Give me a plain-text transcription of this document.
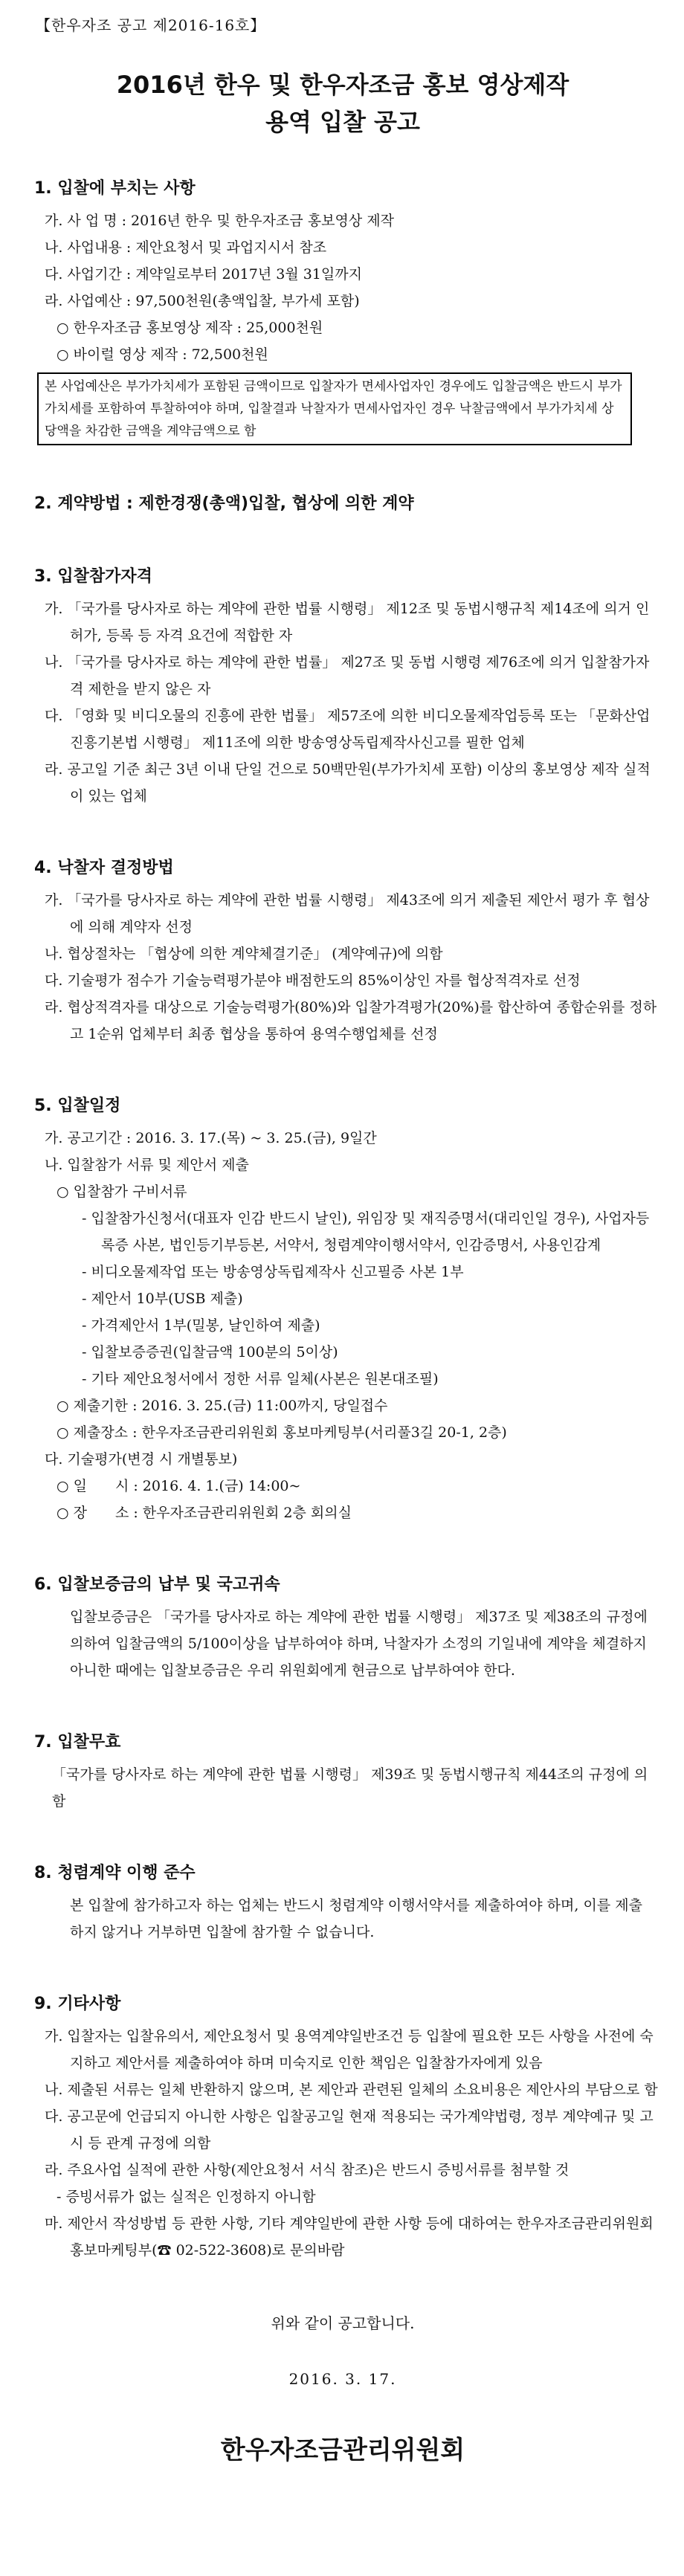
【한우자조 공고 제2016-16호】
2016년 한우 및 한우자조금 홍보 영상제작
용역 입찰 공고
1. 입찰에 부치는 사항
가. 사 업 명 : 2016년 한우 및 한우자조금 홍보영상 제작
나. 사업내용 : 제안요청서 및 과업지시서 참조
다. 사업기간 : 계약일로부터 2017년 3월 31일까지
라. 사업예산 : 97,500천원(총액입찰, 부가세 포함)
○ 한우자조금 홍보영상 제작 : 25,000천원
○ 바이럴 영상 제작 : 72,500천원
본 사업예산은 부가가치세가 포함된 금액이므로 입찰자가 면세사업자인 경우에도 입찰금액은 반드시 부가가치세를 포함하여 투찰하여야 하며, 입찰결과 낙찰자가 면세사업자인 경우 낙찰금액에서 부가가치세 상당액을 차감한 금액을 계약금액으로 함
2. 계약방법 : 제한경쟁(총액)입찰, 협상에 의한 계약
3. 입찰참가자격
가. 「국가를 당사자로 하는 계약에 관한 법률 시행령」 제12조 및 동법시행규칙 제14조에 의거 인 허가, 등록 등 자격 요건에 적합한 자
나. 「국가를 당사자로 하는 계약에 관한 법률」 제27조 및 동법 시행령 제76조에 의거 입찰참가자격 제한을 받지 않은 자
다. 「영화 및 비디오물의 진흥에 관한 법률」 제57조에 의한 비디오물제작업등록 또는 「문화산업진흥기본법 시행령」 제11조에 의한 방송영상독립제작사신고를 필한 업체
라. 공고일 기준 최근 3년 이내 단일 건으로 50백만원(부가가치세 포함) 이상의 홍보영상 제작 실적이 있는 업체
4. 낙찰자 결정방법
가. 「국가를 당사자로 하는 계약에 관한 법률 시행령」 제43조에 의거 제출된 제안서 평가 후 협상에 의해 계약자 선정
나. 협상절차는 「협상에 의한 계약체결기준」 (계약예규)에 의함
다. 기술평가 점수가 기술능력평가분야 배점한도의 85%이상인 자를 협상적격자로 선정
라. 협상적격자를 대상으로 기술능력평가(80%)와 입찰가격평가(20%)를 합산하여 종합순위를 정하고 1순위 업체부터 최종 협상을 통하여 용역수행업체를 선정
5. 입찰일정
가. 공고기간 : 2016. 3. 17.(목) ~ 3. 25.(금), 9일간
나. 입찰참가 서류 및 제안서 제출
○ 입찰참가 구비서류
- 입찰참가신청서(대표자 인감 반드시 날인), 위임장 및 재직증명서(대리인일 경우), 사업자등록증 사본, 법인등기부등본, 서약서, 청렴계약이행서약서, 인감증명서, 사용인감계
- 비디오물제작업 또는 방송영상독립제작사 신고필증 사본 1부
- 제안서 10부(USB 제출)
- 가격제안서 1부(밀봉, 날인하여 제출)
- 입찰보증증권(입찰금액 100분의 5이상)
- 기타 제안요청서에서 정한 서류 일체(사본은 원본대조필)
○ 제출기한 : 2016. 3. 25.(금) 11:00까지, 당일접수
○ 제출장소 : 한우자조금관리위원회 홍보마케팅부(서리풀3길 20-1, 2층)
다. 기술평가(변경 시 개별통보)
○ 일　　시 : 2016. 4. 1.(금) 14:00~
○ 장　　소 : 한우자조금관리위원회 2층 회의실
6. 입찰보증금의 납부 및 국고귀속
입찰보증금은 「국가를 당사자로 하는 계약에 관한 법률 시행령」 제37조 및 제38조의 규정에 의하여 입찰금액의 5/100이상을 납부하여야 하며, 낙찰자가 소정의 기일내에 계약을 체결하지 아니한 때에는 입찰보증금은 우리 위원회에게 현금으로 납부하여야 한다.
7. 입찰무효
「국가를 당사자로 하는 계약에 관한 법률 시행령」 제39조 및 동법시행규칙 제44조의 규정에 의함
8. 청렴계약 이행 준수
본 입찰에 참가하고자 하는 업체는 반드시 청렴계약 이행서약서를 제출하여야 하며, 이를 제출하지 않거나 거부하면 입찰에 참가할 수 없습니다.
9. 기타사항
가. 입찰자는 입찰유의서, 제안요청서 및 용역계약일반조건 등 입찰에 필요한 모든 사항을 사전에 숙지하고 제안서를 제출하여야 하며 미숙지로 인한 책임은 입찰참가자에게 있음
나. 제출된 서류는 일체 반환하지 않으며, 본 제안과 관련된 일체의 소요비용은 제안사의 부담으로 함
다. 공고문에 언급되지 아니한 사항은 입찰공고일 현재 적용되는 국가계약법령, 정부 계약예규 및 고시 등 관계 규정에 의함
라. 주요사업 실적에 관한 사항(제안요청서 서식 참조)은 반드시 증빙서류를 첨부할 것
- 증빙서류가 없는 실적은 인정하지 아니함
마. 제안서 작성방법 등 관한 사항, 기타 계약일반에 관한 사항 등에 대하여는 한우자조금관리위원회 홍보마케팅부(☎ 02-522-3608)로 문의바람
위와 같이 공고합니다.
2016. 3. 17.
한우자조금관리위원회
